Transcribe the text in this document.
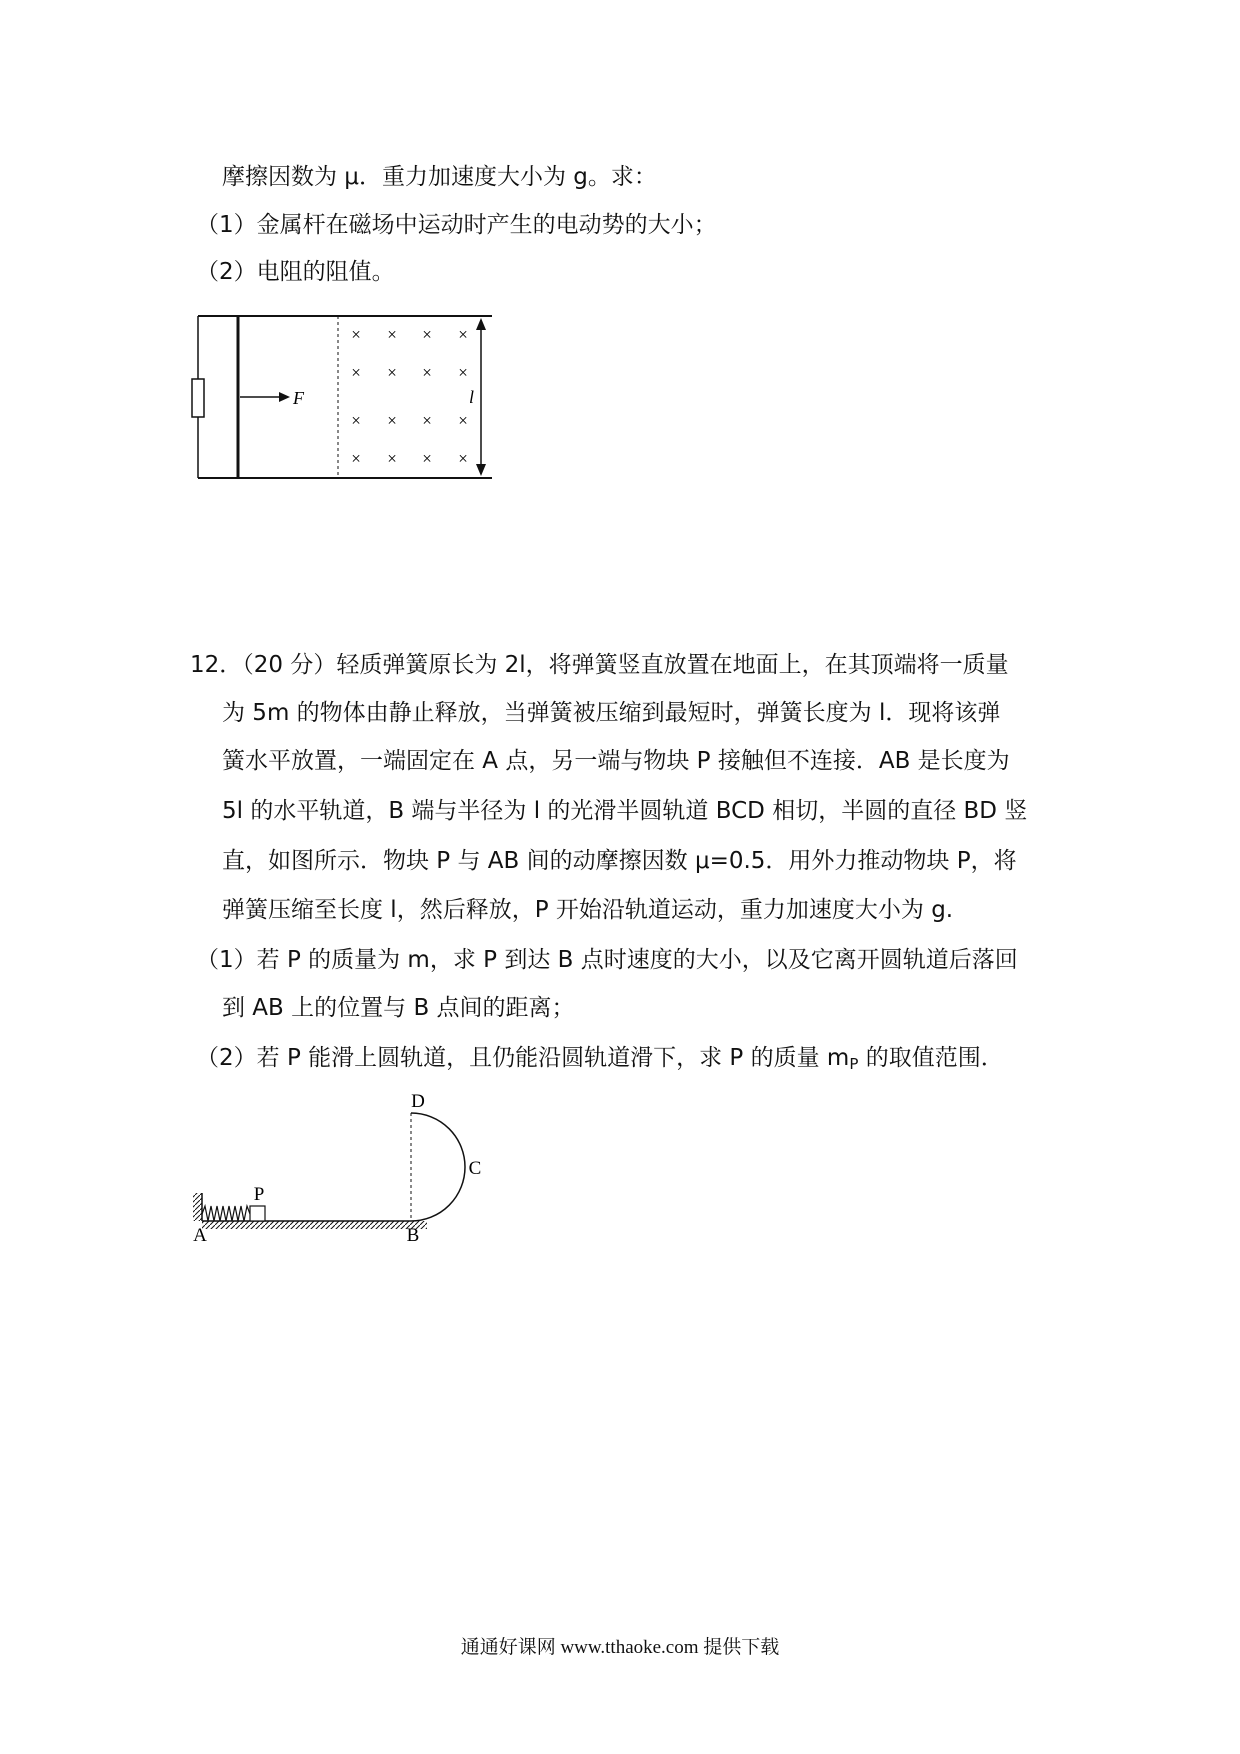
摩擦因数为 μ．重力加速度大小为 g。求：
（1）金属杆在磁场中运动时产生的电动势的大小；
（2）电阻的阻值。
F
× × × ×
× × × ×
× × × ×
× × × ×
l
12．（20 分）轻质弹簧原长为 2l，将弹簧竖直放置在地面上，在其顶端将一质量
为 5m 的物体由静止释放，当弹簧被压缩到最短时，弹簧长度为 l．现将该弹
簧水平放置，一端固定在 A 点，另一端与物块 P 接触但不连接．AB 是长度为
5l 的水平轨道，B 端与半径为 l 的光滑半圆轨道 BCD 相切，半圆的直径 BD 竖
直，如图所示．物块 P 与 AB 间的动摩擦因数 μ=0.5．用外力推动物块 P，将
弹簧压缩至长度 l，然后释放，P 开始沿轨道运动，重力加速度大小为 g.
（1）若 P 的质量为 m，求 P 到达 B 点时速度的大小，以及它离开圆轨道后落回
到 AB 上的位置与 B 点间的距离；
（2）若 P 能滑上圆轨道，且仍能沿圆轨道滑下，求 P 的质量 $m_P$ 的取值范围．
P
A	B
C
D
通通好课网 www.tthaoke.com 提供下载
